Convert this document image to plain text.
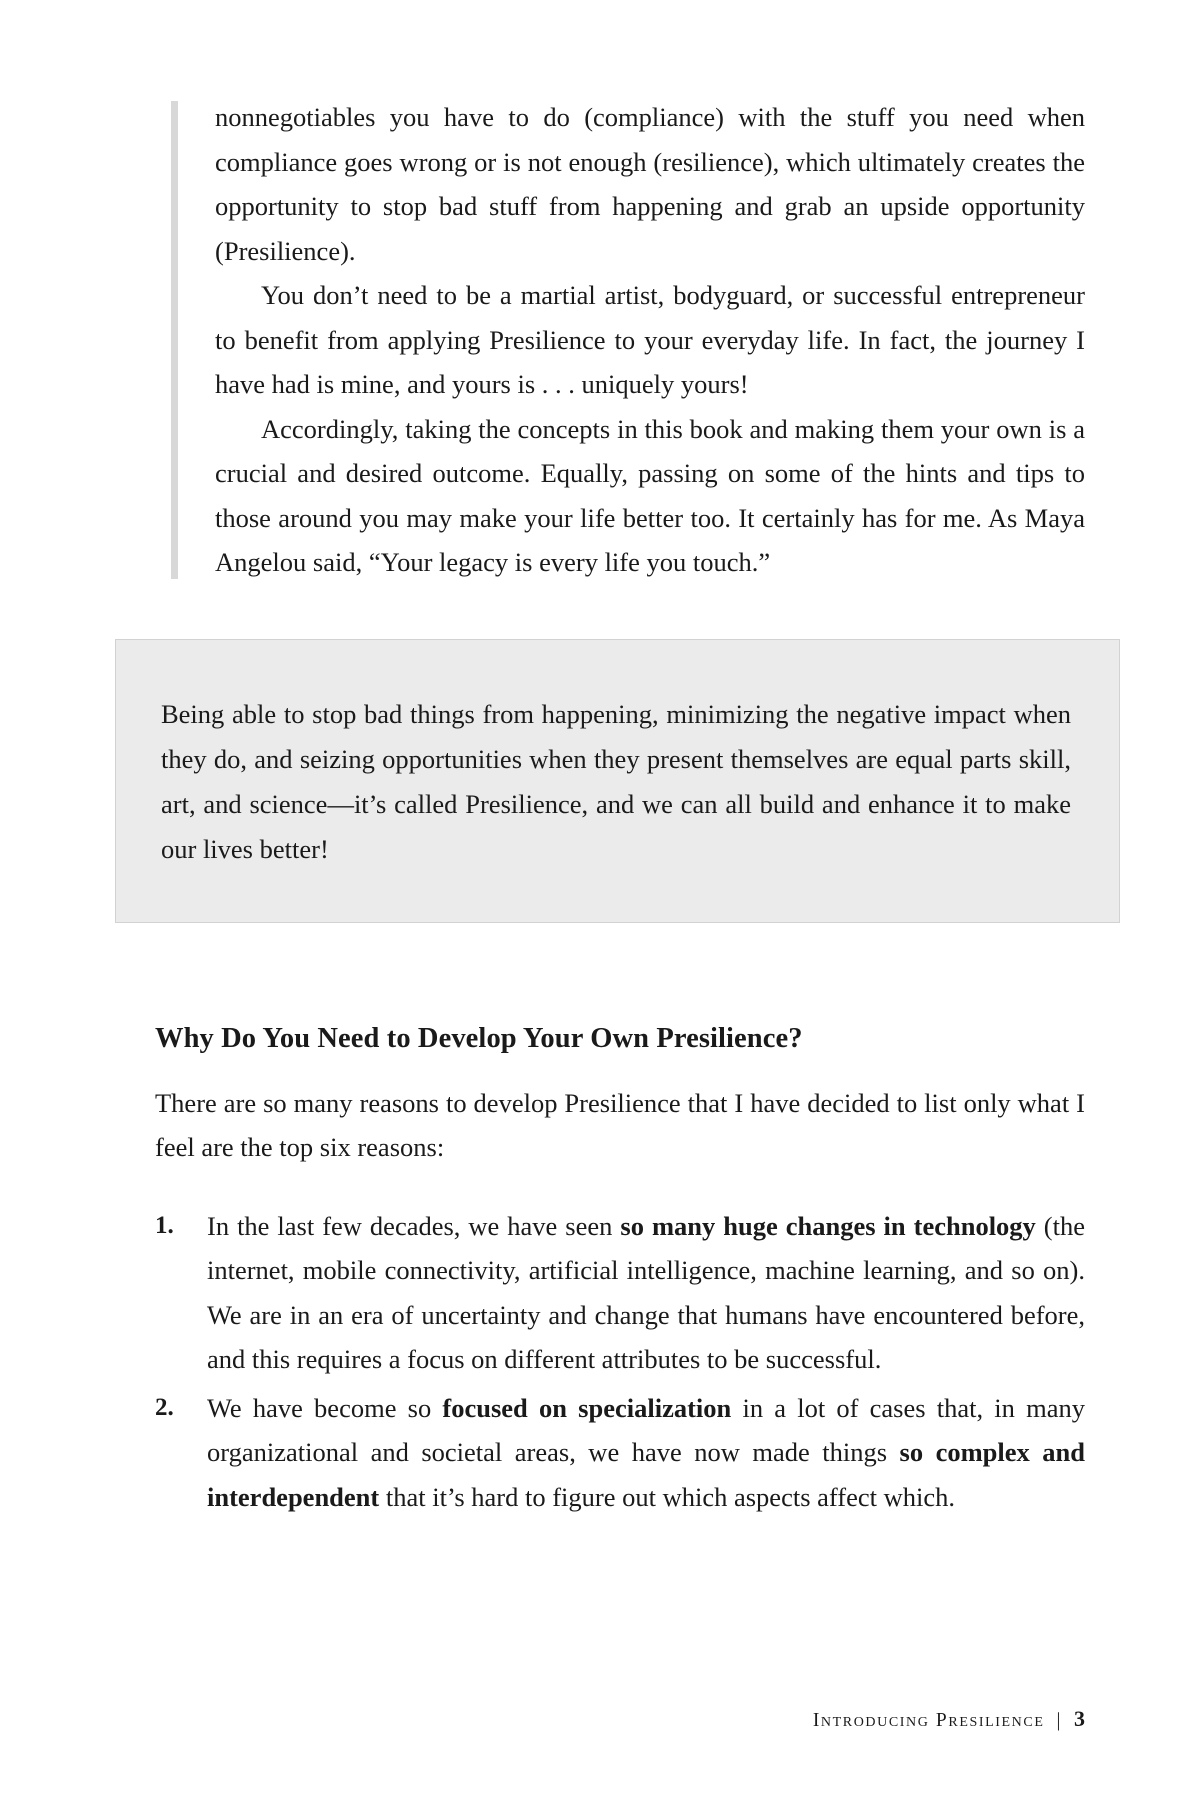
nonnegotiables you have to do (compliance) with the stuff you need when compliance goes wrong or is not enough (resilience), which ultimately creates the opportunity to stop bad stuff from happening and grab an upside opportunity (Presilience).

You don’t need to be a martial artist, bodyguard, or successful entrepreneur to benefit from applying Presilience to your everyday life. In fact, the journey I have had is mine, and yours is . . . uniquely yours!

Accordingly, taking the concepts in this book and making them your own is a crucial and desired outcome. Equally, passing on some of the hints and tips to those around you may make your life better too. It certainly has for me. As Maya Angelou said, “Your legacy is every life you touch.”

Being able to stop bad things from happening, minimizing the negative impact when they do, and seizing opportunities when they present themselves are equal parts skill, art, and science—it’s called Presilience, and we can all build and enhance it to make our lives better!

Why Do You Need to Develop Your Own Presilience?

There are so many reasons to develop Presilience that I have decided to list only what I feel are the top six reasons:

1.	In the last few decades, we have seen so many huge changes in technology (the internet, mobile connectivity, artificial intelligence, machine learning, and so on). We are in an era of uncertainty and change that humans have encountered before, and this requires a focus on different attributes to be successful.
2.	We have become so focused on specialization in a lot of cases that, in many organizational and societal areas, we have now made things so complex and interdependent that it’s hard to figure out which aspects affect which.
Introducing Presilience | 3
